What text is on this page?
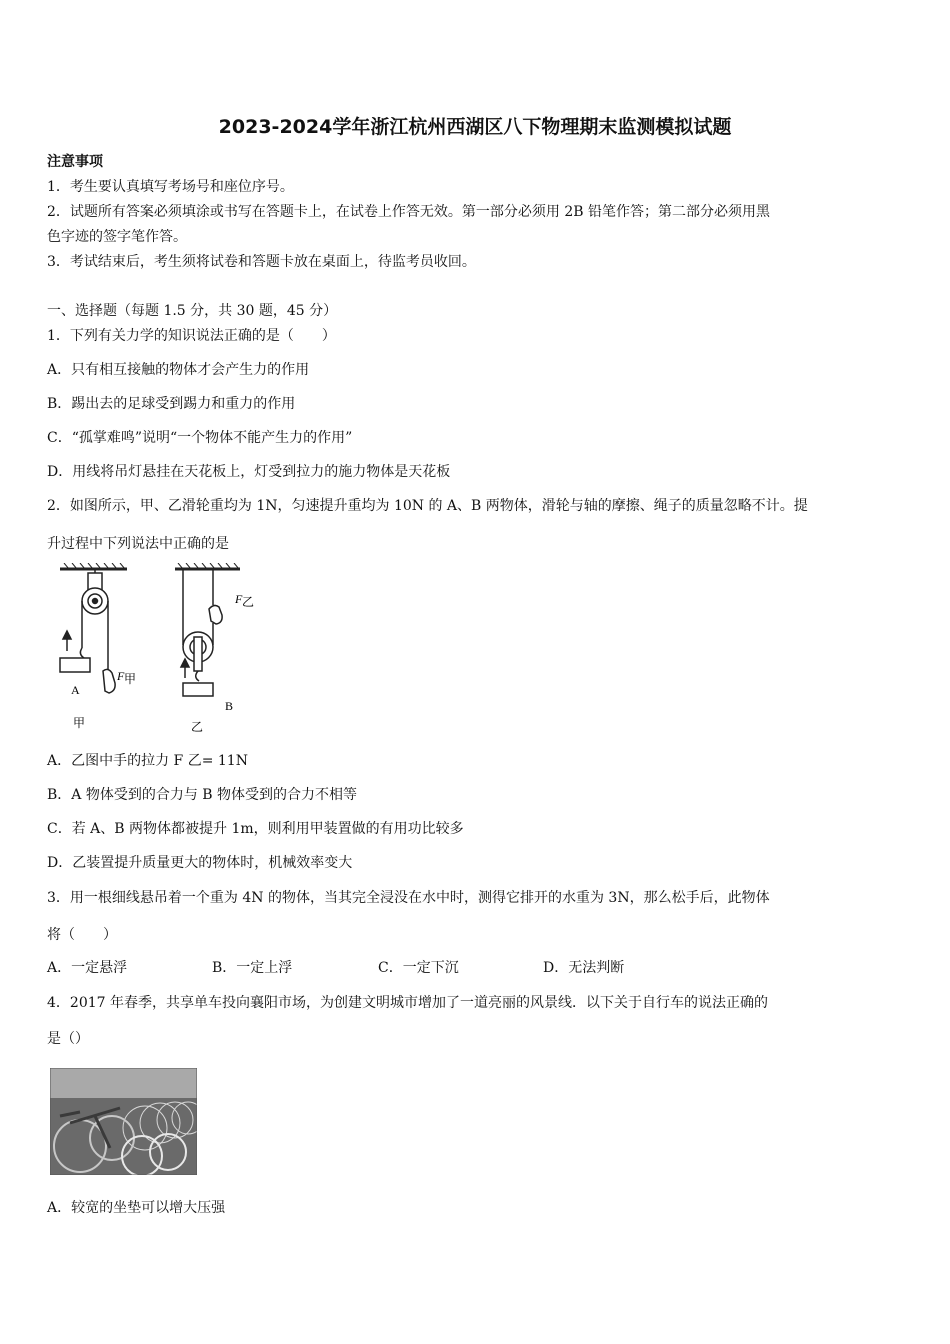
2023-2024学年浙江杭州西湖区八下物理期末监测模拟试题
注意事项
1．考生要认真填写考场号和座位序号。
2．试题所有答案必须填涂或书写在答题卡上，在试卷上作答无效。第一部分必须用 2B 铅笔作答；第二部分必须用黑
色字迹的签字笔作答。
3．考试结束后，考生须将试卷和答题卡放在桌面上，待监考员收回。
一、选择题（每题 1.5 分，共 30 题，45 分）
1．下列有关力学的知识说法正确的是（　　）
A．只有相互接触的物体才会产生力的作用
B．踢出去的足球受到踢力和重力的作用
C．“孤掌难鸣”说明“一个物体不能产生力的作用”
D．用线将吊灯悬挂在天花板上，灯受到拉力的施力物体是天花板
2．如图所示，甲、乙滑轮重均为 1N，匀速提升重均为 10N 的 A、B 两物体，滑轮与轴的摩擦、绳子的质量忽略不计。提
升过程中下列说法中正确的是
A
F 甲
甲
F 乙
B
乙
A．乙图中手的拉力 F 乙= 11N
B．A 物体受到的合力与 B 物体受到的合力不相等
C．若 A、B 两物体都被提升 1m，则利用甲装置做的有用功比较多
D．乙装置提升质量更大的物体时，机械效率变大
3．用一根细线悬吊着一个重为 4N 的物体，当其完全浸没在水中时，测得它排开的水重为 3N，那么松手后，此物体
将（　　）
A．一定悬浮	B．一定上浮	C．一定下沉	D．无法判断
4．2017 年春季，共享单车投向襄阳市场，为创建文明城市增加了一道亮丽的风景线．以下关于自行车的说法正确的
是（）
A．较宽的坐垫可以增大压强
